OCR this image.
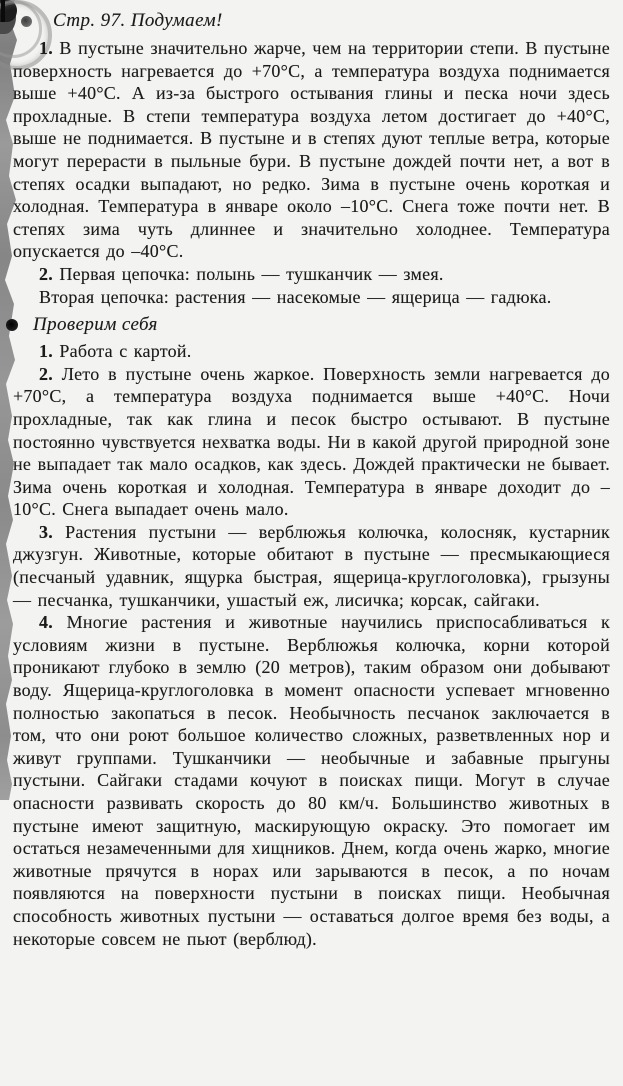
Стр. 97. Подумаем!

1. В пустыне значительно жарче, чем на территории степи. В пустыне поверхность нагревается до +70°С, а температура воздуха поднимается выше +40°С. А из-за быстрого остывания глины и песка ночи здесь прохладные. В степи температура воздуха летом достигает до +40°С, выше не поднимается. В пустыне и в степях дуют теплые ветра, которые могут перерасти в пыльные бури. В пустыне дождей почти нет, а вот в степях осадки выпадают, но редко. Зима в пустыне очень короткая и холодная. Температура в январе около –10°С. Снега тоже почти нет. В степях зима чуть длиннее и значительно холоднее. Температура опускается до –40°С.

2. Первая цепочка: полынь — тушканчик — змея.

Вторая цепочка: растения — насекомые — ящерица — гадюка.

Проверим себя

1. Работа с картой.

2. Лето в пустыне очень жаркое. Поверхность земли нагревается до +70°С, а температура воздуха поднимается выше +40°С. Ночи прохладные, так как глина и песок быстро остывают. В пустыне постоянно чувствуется нехватка воды. Ни в какой другой природной зоне не выпадает так мало осадков, как здесь. Дождей практически не бывает. Зима очень короткая и холодная. Температура в январе доходит до –10°С. Снега выпадает очень мало.

3. Растения пустыни — верблюжья колючка, колосняк, кустарник джузгун. Животные, которые обитают в пустыне — пресмыкающиеся (песчаный удавник, ящурка быстрая, ящерица-круглоголовка), грызуны — песчанка, тушканчики, ушастый еж, лисичка; корсак, сайгаки.

4. Многие растения и животные научились приспосабливаться к условиям жизни в пустыне. Верблюжья колючка, корни которой проникают глубоко в землю (20 метров), таким образом они добывают воду. Ящерица-круглоголовка в момент опасности успевает мгновенно полностью закопаться в песок. Необычность песчанок заключается в том, что они роют большое количество сложных, разветвленных нор и живут группами. Тушканчики — необычные и забавные прыгуны пустыни. Сайгаки стадами кочуют в поисках пищи. Могут в случае опасности развивать скорость до 80 км/ч. Большинство животных в пустыне имеют защитную, маскирующую окраску. Это помогает им остаться незамеченными для хищников. Днем, когда очень жарко, многие животные прячутся в норах или зарываются в песок, а по ночам появляются на поверхности пустыни в поисках пищи. Необычная способность животных пустыни — оставаться долгое время без воды, а некоторые совсем не пьют (верблюд).
